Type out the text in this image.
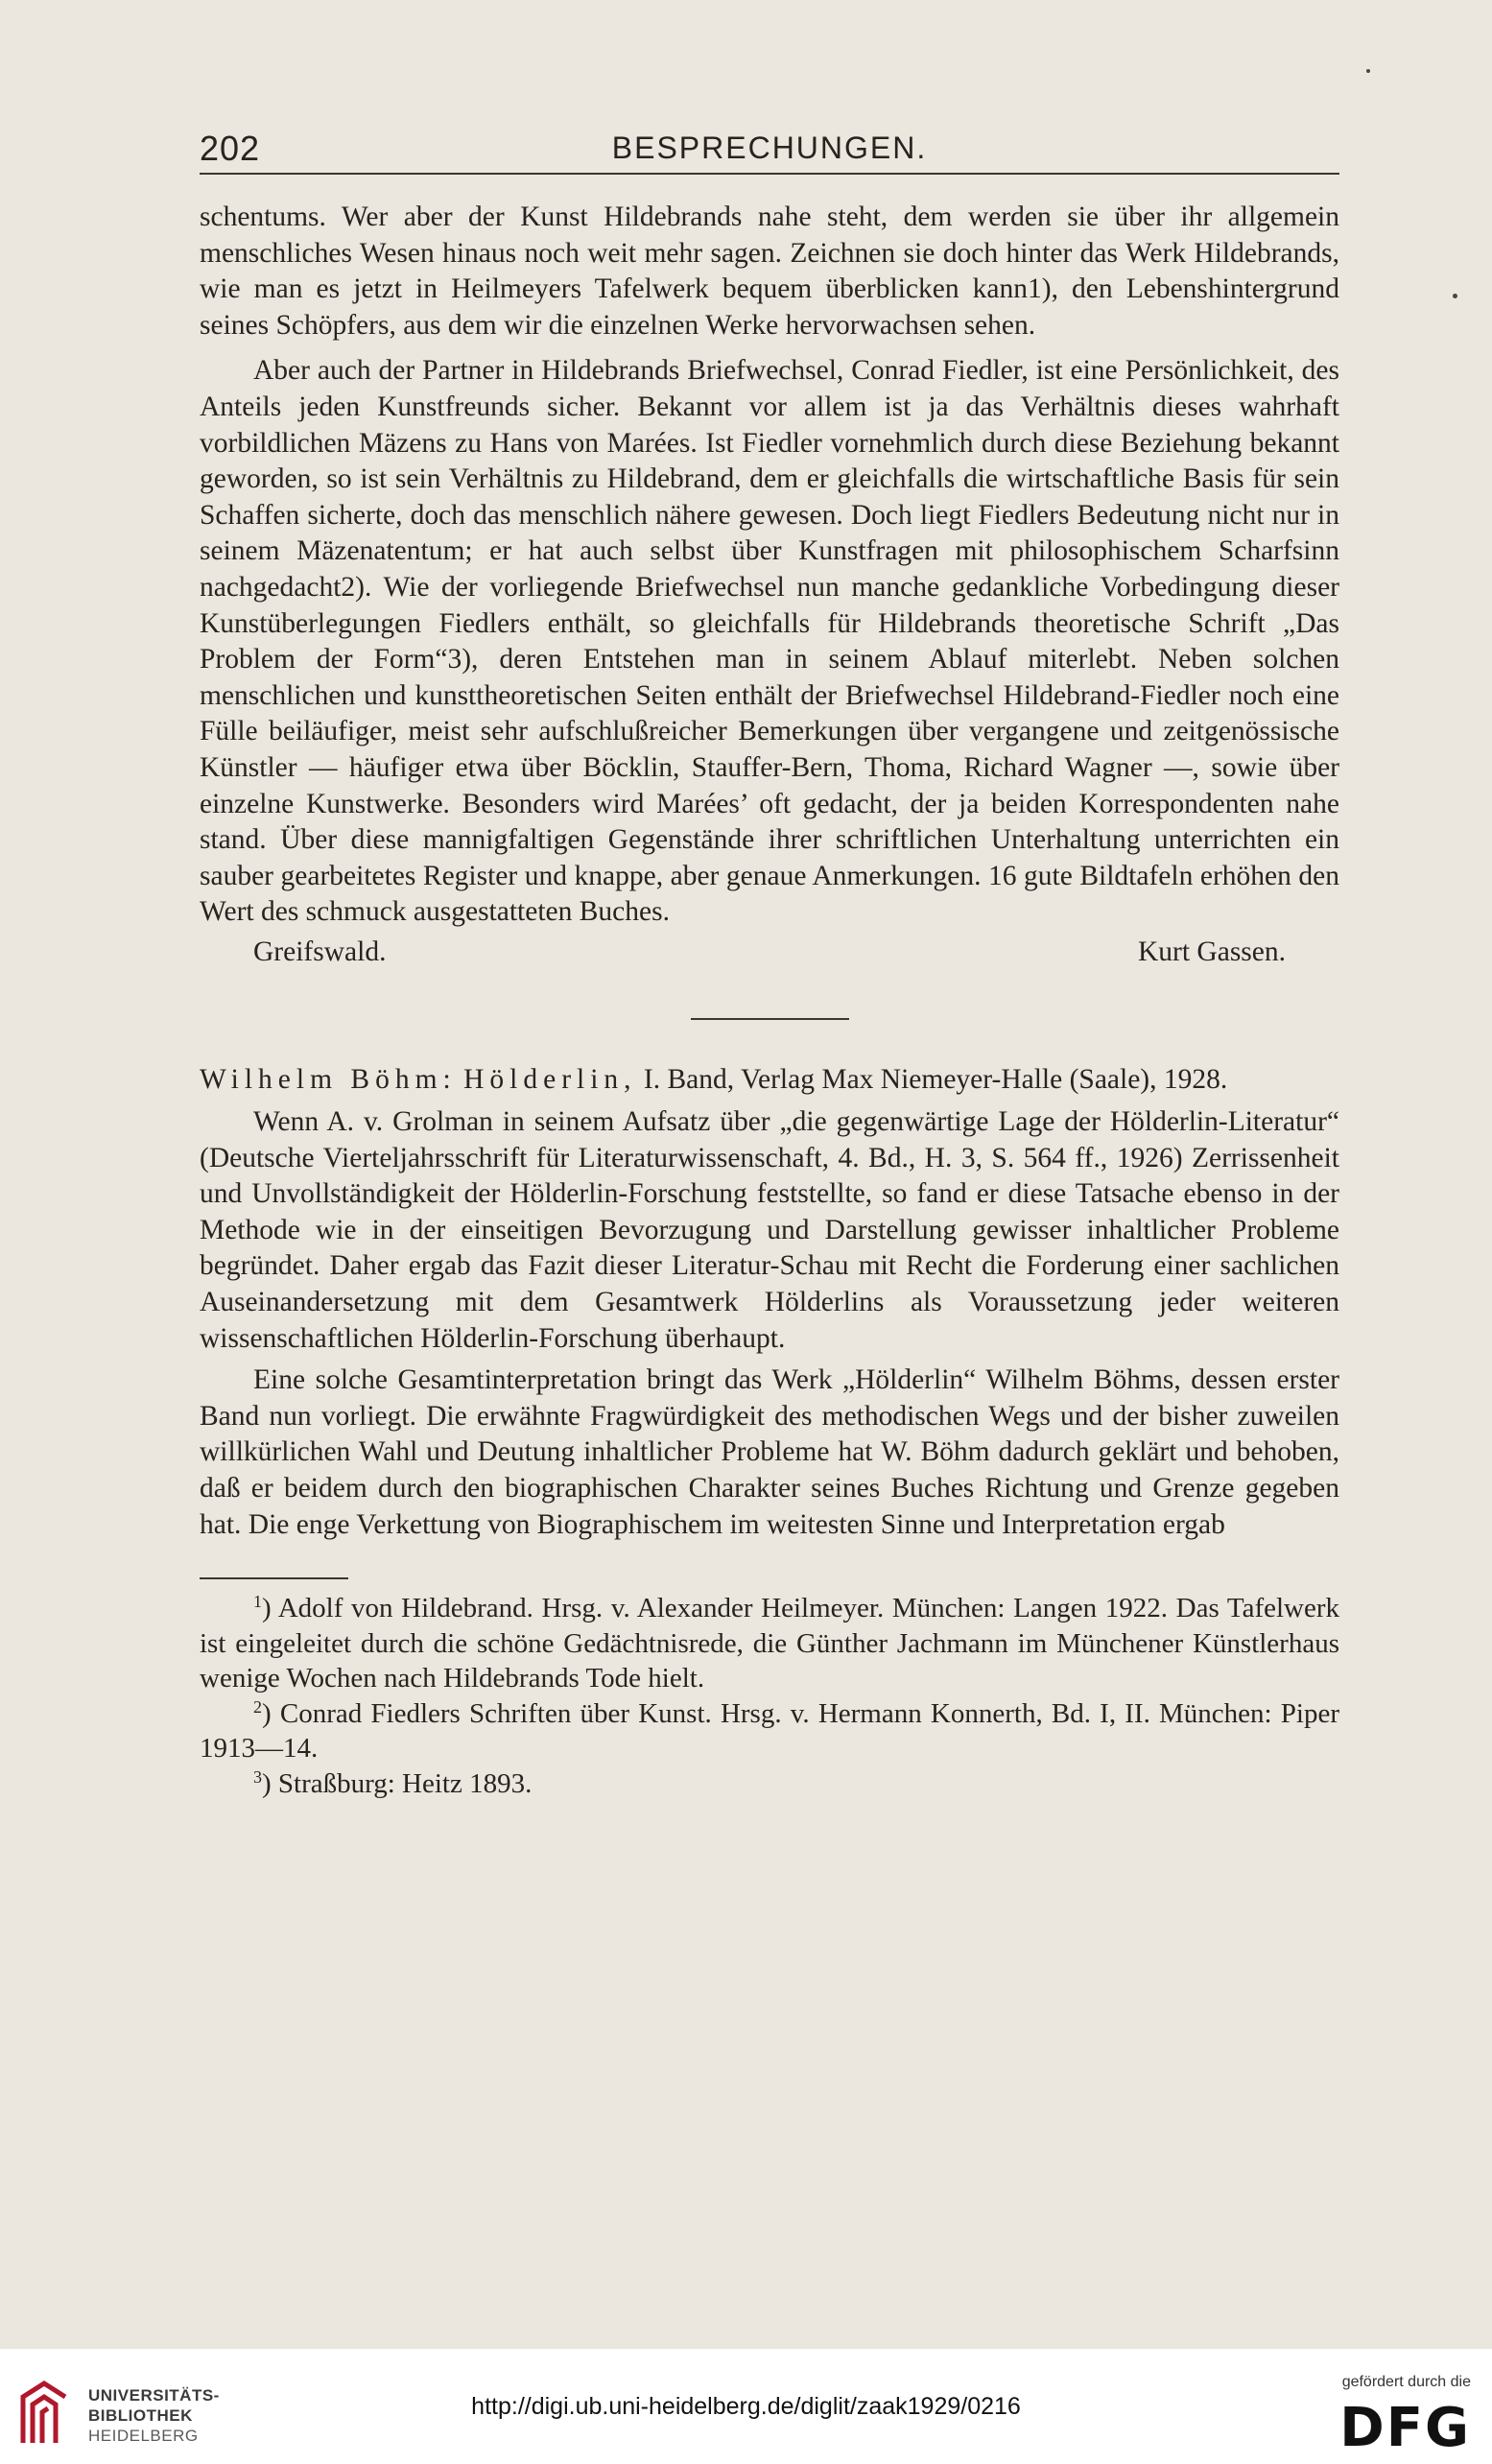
202	BESPRECHUNGEN.

schentums. Wer aber der Kunst Hildebrands nahe steht, dem werden sie über ihr allgemein menschliches Wesen hinaus noch weit mehr sagen. Zeichnen sie doch hinter das Werk Hildebrands, wie man es jetzt in Heilmeyers Tafelwerk bequem überblicken kann1), den Lebenshintergrund seines Schöpfers, aus dem wir die einzelnen Werke hervorwachsen sehen.

Aber auch der Partner in Hildebrands Briefwechsel, Conrad Fiedler, ist eine Persönlichkeit, des Anteils jeden Kunstfreunds sicher. Bekannt vor allem ist ja das Verhältnis dieses wahrhaft vorbildlichen Mäzens zu Hans von Marées. Ist Fiedler vornehmlich durch diese Beziehung bekannt geworden, so ist sein Verhältnis zu Hildebrand, dem er gleichfalls die wirtschaftliche Basis für sein Schaffen sicherte, doch das menschlich nähere gewesen. Doch liegt Fiedlers Bedeutung nicht nur in seinem Mäzenatentum; er hat auch selbst über Kunstfragen mit philosophischem Scharfsinn nachgedacht2). Wie der vorliegende Briefwechsel nun manche gedankliche Vorbedingung dieser Kunstüberlegungen Fiedlers enthält, so gleichfalls für Hildebrands theoretische Schrift „Das Problem der Form“3), deren Entstehen man in seinem Ablauf miterlebt. Neben solchen menschlichen und kunsttheoretischen Seiten enthält der Briefwechsel Hildebrand-Fiedler noch eine Fülle beiläufiger, meist sehr aufschlußreicher Bemerkungen über vergangene und zeitgenössische Künstler — häufiger etwa über Böcklin, Stauffer-Bern, Thoma, Richard Wagner —, sowie über einzelne Kunstwerke. Besonders wird Marées’ oft gedacht, der ja beiden Korrespondenten nahe stand. Über diese mannigfaltigen Gegenstände ihrer schriftlichen Unterhaltung unterrichten ein sauber gearbeitetes Register und knappe, aber genaue Anmerkungen. 16 gute Bildtafeln erhöhen den Wert des schmuck ausgestatteten Buches.

Greifswald.	Kurt Gassen.

Wilhelm Böhm: Hölderlin, I. Band, Verlag Max Niemeyer-Halle (Saale), 1928.

Wenn A. v. Grolman in seinem Aufsatz über „die gegenwärtige Lage der Hölderlin-Literatur“ (Deutsche Vierteljahrsschrift für Literaturwissenschaft, 4. Bd., H. 3, S. 564 ff., 1926) Zerrissenheit und Unvollständigkeit der Hölderlin-Forschung feststellte, so fand er diese Tatsache ebenso in der Methode wie in der einseitigen Bevorzugung und Darstellung gewisser inhaltlicher Probleme begründet. Daher ergab das Fazit dieser Literatur-Schau mit Recht die Forderung einer sachlichen Auseinandersetzung mit dem Gesamtwerk Hölderlins als Voraussetzung jeder weiteren wissenschaftlichen Hölderlin-Forschung überhaupt.

Eine solche Gesamtinterpretation bringt das Werk „Hölderlin“ Wilhelm Böhms, dessen erster Band nun vorliegt. Die erwähnte Fragwürdigkeit des methodischen Wegs und der bisher zuweilen willkürlichen Wahl und Deutung inhaltlicher Probleme hat W. Böhm dadurch geklärt und behoben, daß er beidem durch den biographischen Charakter seines Buches Richtung und Grenze gegeben hat. Die enge Verkettung von Biographischem im weitesten Sinne und Interpretation ergab

$^1$) Adolf von Hildebrand. Hrsg. v. Alexander Heilmeyer. München: Langen 1922. Das Tafelwerk ist eingeleitet durch die schöne Gedächtnisrede, die Günther Jachmann im Münchener Künstlerhaus wenige Wochen nach Hildebrands Tode hielt.

$^2$) Conrad Fiedlers Schriften über Kunst. Hrsg. v. Hermann Konnerth, Bd. I, II. München: Piper 1913—14.

$^3$) Straßburg: Heitz 1893.

UNIVERSITÄTS-
BIBLIOTHEK
HEIDELBERG
http://digi.ub.uni-heidelberg.de/diglit/zaak1929/0216
gefördert durch die
DFG
